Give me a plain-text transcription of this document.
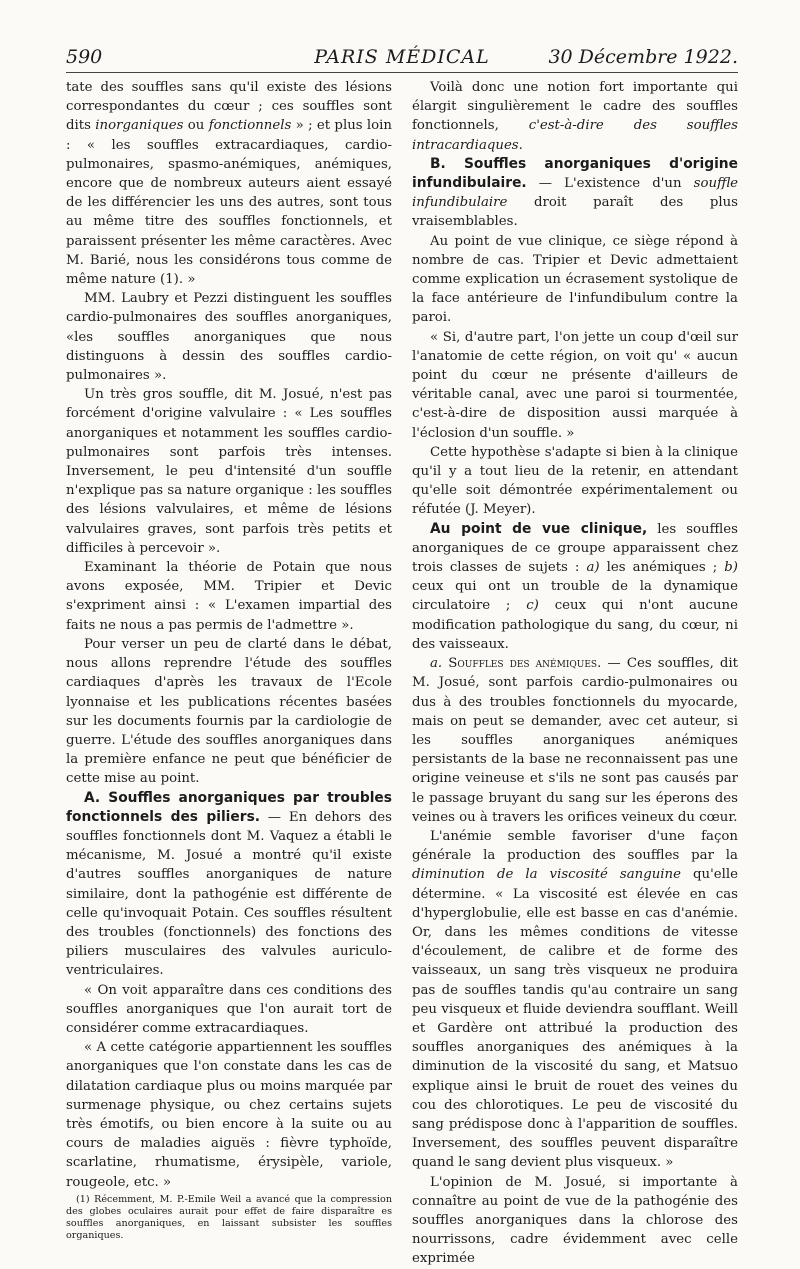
590	PARIS MÉDICAL	30 Décembre 1922.

tate des souffles sans qu'il existe des lésions correspondantes du cœur ; ces souffles sont dits inorganiques ou fonctionnels » ; et plus loin : « les souffles extracardiaques, cardio-pulmonaires, spasmo-anémiques, anémiques, encore que de nombreux auteurs aient essayé de les différencier les uns des autres, sont tous au même titre des souffles fonctionnels, et paraissent présenter les même caractères. Avec M. Barié, nous les considérons tous comme de même nature (1). »

MM. Laubry et Pezzi distinguent les souffles cardio-pulmonaires des souffles anorganiques, «les souffles anorganiques que nous distinguons à dessin des souffles cardio-pulmonaires ».

Un très gros souffle, dit M. Josué, n'est pas forcément d'origine valvulaire : « Les souffles anorganiques et notamment les souffles cardio-pulmonaires sont parfois très intenses. Inversement, le peu d'intensité d'un souffle n'explique pas sa nature organique : les souffles des lésions valvulaires, et même de lésions valvulaires graves, sont parfois très petits et difficiles à percevoir ».

Examinant la théorie de Potain que nous avons exposée, MM. Tripier et Devic s'expriment ainsi : « L'examen impartial des faits ne nous a pas permis de l'admettre ».

Pour verser un peu de clarté dans le débat, nous allons reprendre l'étude des souffles cardiaques d'après les travaux de l'Ecole lyonnaise et les publications récentes basées sur les documents fournis par la cardiologie de guerre. L'étude des souffles anorganiques dans la première enfance ne peut que bénéficier de cette mise au point.

A. Souffles anorganiques par troubles fonctionnels des piliers. — En dehors des souffles fonctionnels dont M. Vaquez a établi le mécanisme, M. Josué a montré qu'il existe d'autres souffles anorganiques de nature similaire, dont la pathogénie est différente de celle qu'invoquait Potain. Ces souffles résultent des troubles (fonctionnels) des fonctions des piliers musculaires des valvules auriculo-ventriculaires.

« On voit apparaître dans ces conditions des souffles anorganiques que l'on aurait tort de considérer comme extracardiaques.

« A cette catégorie appartiennent les souffles anorganiques que l'on constate dans les cas de dilatation cardiaque plus ou moins marquée par surmenage physique, ou chez certains sujets très émotifs, ou bien encore à la suite ou au cours de maladies aiguës : fièvre typhoïde, scarlatine, rhumatisme, érysipèle, variole, rougeole, etc. »

(1) Récemment, M. P.-Emile Weil a avancé que la compression des globes oculaires aurait pour effet de faire disparaître es souffles anorganiques, en laissant subsister les souffles organiques.

Voilà donc une notion fort importante qui élargit singulièrement le cadre des souffles fonctionnels, c'est-à-dire des souffles intracardiaques.

B. Souffles anorganiques d'origine infundibulaire. — L'existence d'un souffle infundibulaire droit paraît des plus vraisemblables.

Au point de vue clinique, ce siège répond à nombre de cas. Tripier et Devic admettaient comme explication un écrasement systolique de la face antérieure de l'infundibulum contre la paroi.

« Si, d'autre part, l'on jette un coup d'œil sur l'anatomie de cette région, on voit qu' « aucun point du cœur ne présente d'ailleurs de véritable canal, avec une paroi si tourmentée, c'est-à-dire de disposition aussi marquée à l'éclosion d'un souffle. »

Cette hypothèse s'adapte si bien à la clinique qu'il y a tout lieu de la retenir, en attendant qu'elle soit démontrée expérimentalement ou réfutée (J. Meyer).

Au point de vue clinique, les souffles anorganiques de ce groupe apparaissent chez trois classes de sujets : a) les anémiques ; b) ceux qui ont un trouble de la dynamique circulatoire ; c) ceux qui n'ont aucune modification pathologique du sang, du cœur, ni des vaisseaux.

a. Souffles des anémiques. — Ces souffles, dit M. Josué, sont parfois cardio-pulmonaires ou dus à des troubles fonctionnels du myocarde, mais on peut se demander, avec cet auteur, si les souffles anorganiques anémiques persistants de la base ne reconnaissent pas une origine veineuse et s'ils ne sont pas causés par le passage bruyant du sang sur les éperons des veines ou à travers les orifices veineux du cœur.

L'anémie semble favoriser d'une façon générale la production des souffles par la diminution de la viscosité sanguine qu'elle détermine. « La viscosité est élevée en cas d'hyperglobulie, elle est basse en cas d'anémie. Or, dans les mêmes conditions de vitesse d'écoulement, de calibre et de forme des vaisseaux, un sang très visqueux ne produira pas de souffles tandis qu'au contraire un sang peu visqueux et fluide deviendra soufflant. Weill et Gardère ont attribué la production des souffles anorganiques des anémiques à la diminution de la viscosité du sang, et Matsuo explique ainsi le bruit de rouet des veines du cou des chlorotiques. Le peu de viscosité du sang prédispose donc à l'apparition de souffles. Inversement, des souffles peuvent disparaître quand le sang devient plus visqueux. »

L'opinion de M. Josué, si importante à connaître au point de vue de la pathogénie des souffles anorganiques dans la chlorose des nourrissons, cadre évidemment avec celle exprimée
